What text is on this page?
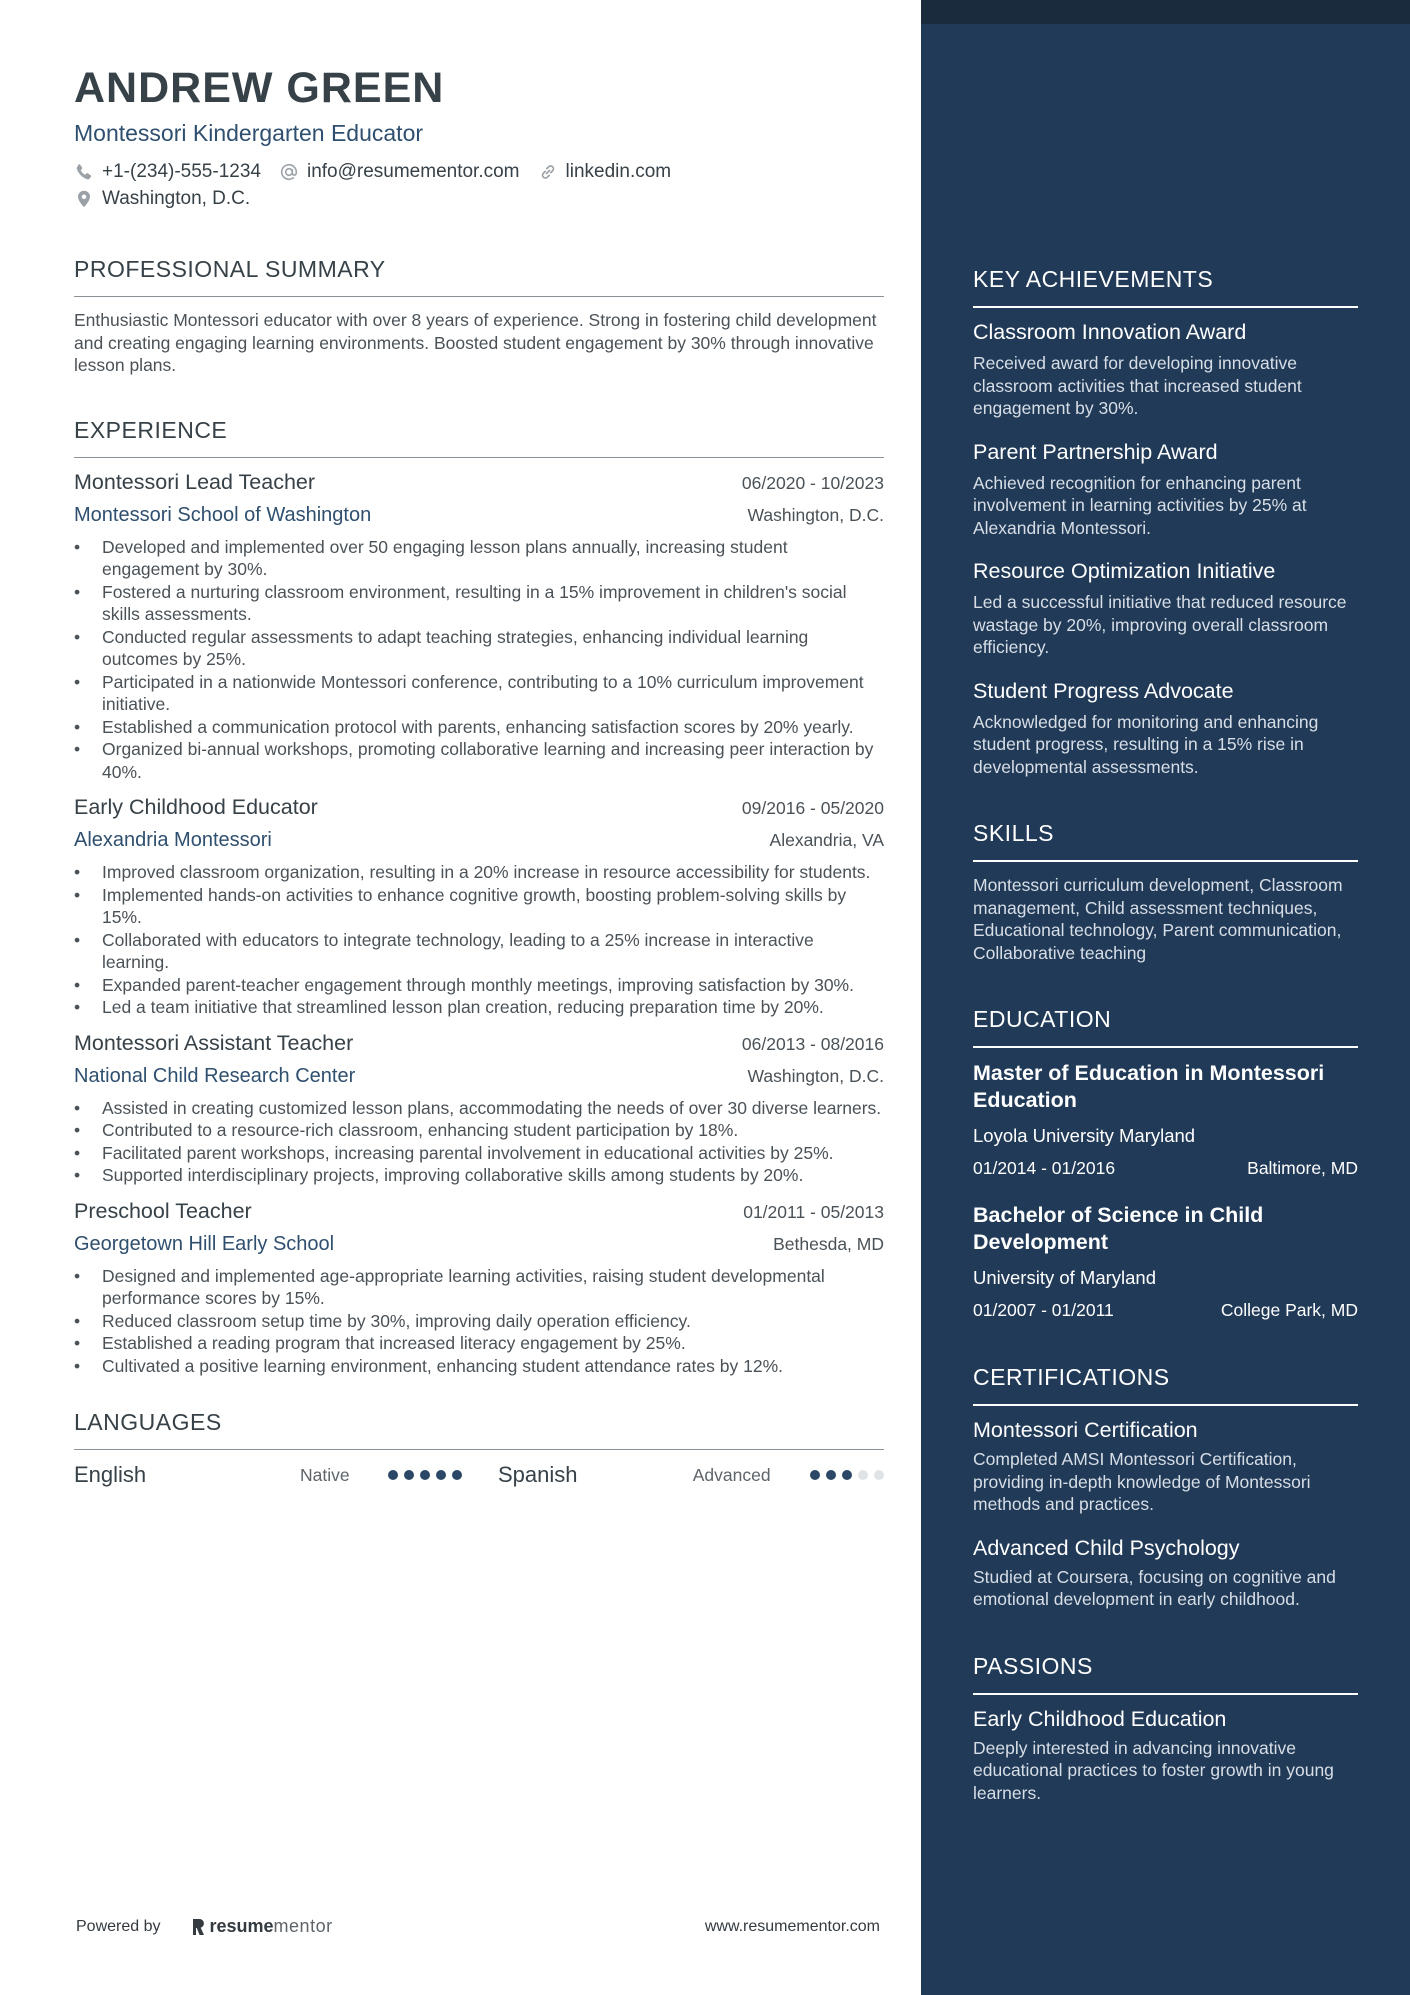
ANDREW GREEN
Montessori Kindergarten Educator
+1-(234)-555-1234 info@resumementor.com linkedin.com
Washington, D.C.
PROFESSIONAL SUMMARY
Enthusiastic Montessori educator with over 8 years of experience. Strong in fostering child development and creating engaging learning environments. Boosted student engagement by 30% through innovative lesson plans.
EXPERIENCE
Montessori Lead Teacher	06/2020 - 10/2023
Montessori School of Washington	Washington, D.C.
• Developed and implemented over 50 engaging lesson plans annually, increasing student engagement by 30%.
• Fostered a nurturing classroom environment, resulting in a 15% improvement in children's social skills assessments.
• Conducted regular assessments to adapt teaching strategies, enhancing individual learning outcomes by 25%.
• Participated in a nationwide Montessori conference, contributing to a 10% curriculum improvement initiative.
• Established a communication protocol with parents, enhancing satisfaction scores by 20% yearly.
• Organized bi-annual workshops, promoting collaborative learning and increasing peer interaction by 40%.
Early Childhood Educator	09/2016 - 05/2020
Alexandria Montessori	Alexandria, VA
• Improved classroom organization, resulting in a 20% increase in resource accessibility for students.
• Implemented hands-on activities to enhance cognitive growth, boosting problem-solving skills by 15%.
• Collaborated with educators to integrate technology, leading to a 25% increase in interactive learning.
• Expanded parent-teacher engagement through monthly meetings, improving satisfaction by 30%.
• Led a team initiative that streamlined lesson plan creation, reducing preparation time by 20%.
Montessori Assistant Teacher	06/2013 - 08/2016
National Child Research Center	Washington, D.C.
• Assisted in creating customized lesson plans, accommodating the needs of over 30 diverse learners.
• Contributed to a resource-rich classroom, enhancing student participation by 18%.
• Facilitated parent workshops, increasing parental involvement in educational activities by 25%.
• Supported interdisciplinary projects, improving collaborative skills among students by 20%.
Preschool Teacher	01/2011 - 05/2013
Georgetown Hill Early School	Bethesda, MD
• Designed and implemented age-appropriate learning activities, raising student developmental performance scores by 15%.
• Reduced classroom setup time by 30%, improving daily operation efficiency.
• Established a reading program that increased literacy engagement by 25%.
• Cultivated a positive learning environment, enhancing student attendance rates by 12%.
LANGUAGES
English	Native	Spanish	Advanced
Powered by	resume mentor	www.resumementor.com
KEY ACHIEVEMENTS
Classroom Innovation Award
Received award for developing innovative classroom activities that increased student engagement by 30%.
Parent Partnership Award
Achieved recognition for enhancing parent involvement in learning activities by 25% at Alexandria Montessori.
Resource Optimization Initiative
Led a successful initiative that reduced resource wastage by 20%, improving overall classroom efficiency.
Student Progress Advocate
Acknowledged for monitoring and enhancing student progress, resulting in a 15% rise in developmental assessments.
SKILLS
Montessori curriculum development, Classroom management, Child assessment techniques, Educational technology, Parent communication, Collaborative teaching
EDUCATION
Master of Education in Montessori Education
Loyola University Maryland
01/2014 - 01/2016	Baltimore, MD
Bachelor of Science in Child Development
University of Maryland
01/2007 - 01/2011	College Park, MD
CERTIFICATIONS
Montessori Certification
Completed AMSI Montessori Certification, providing in-depth knowledge of Montessori methods and practices.
Advanced Child Psychology
Studied at Coursera, focusing on cognitive and emotional development in early childhood.
PASSIONS
Early Childhood Education
Deeply interested in advancing innovative educational practices to foster growth in young learners.
